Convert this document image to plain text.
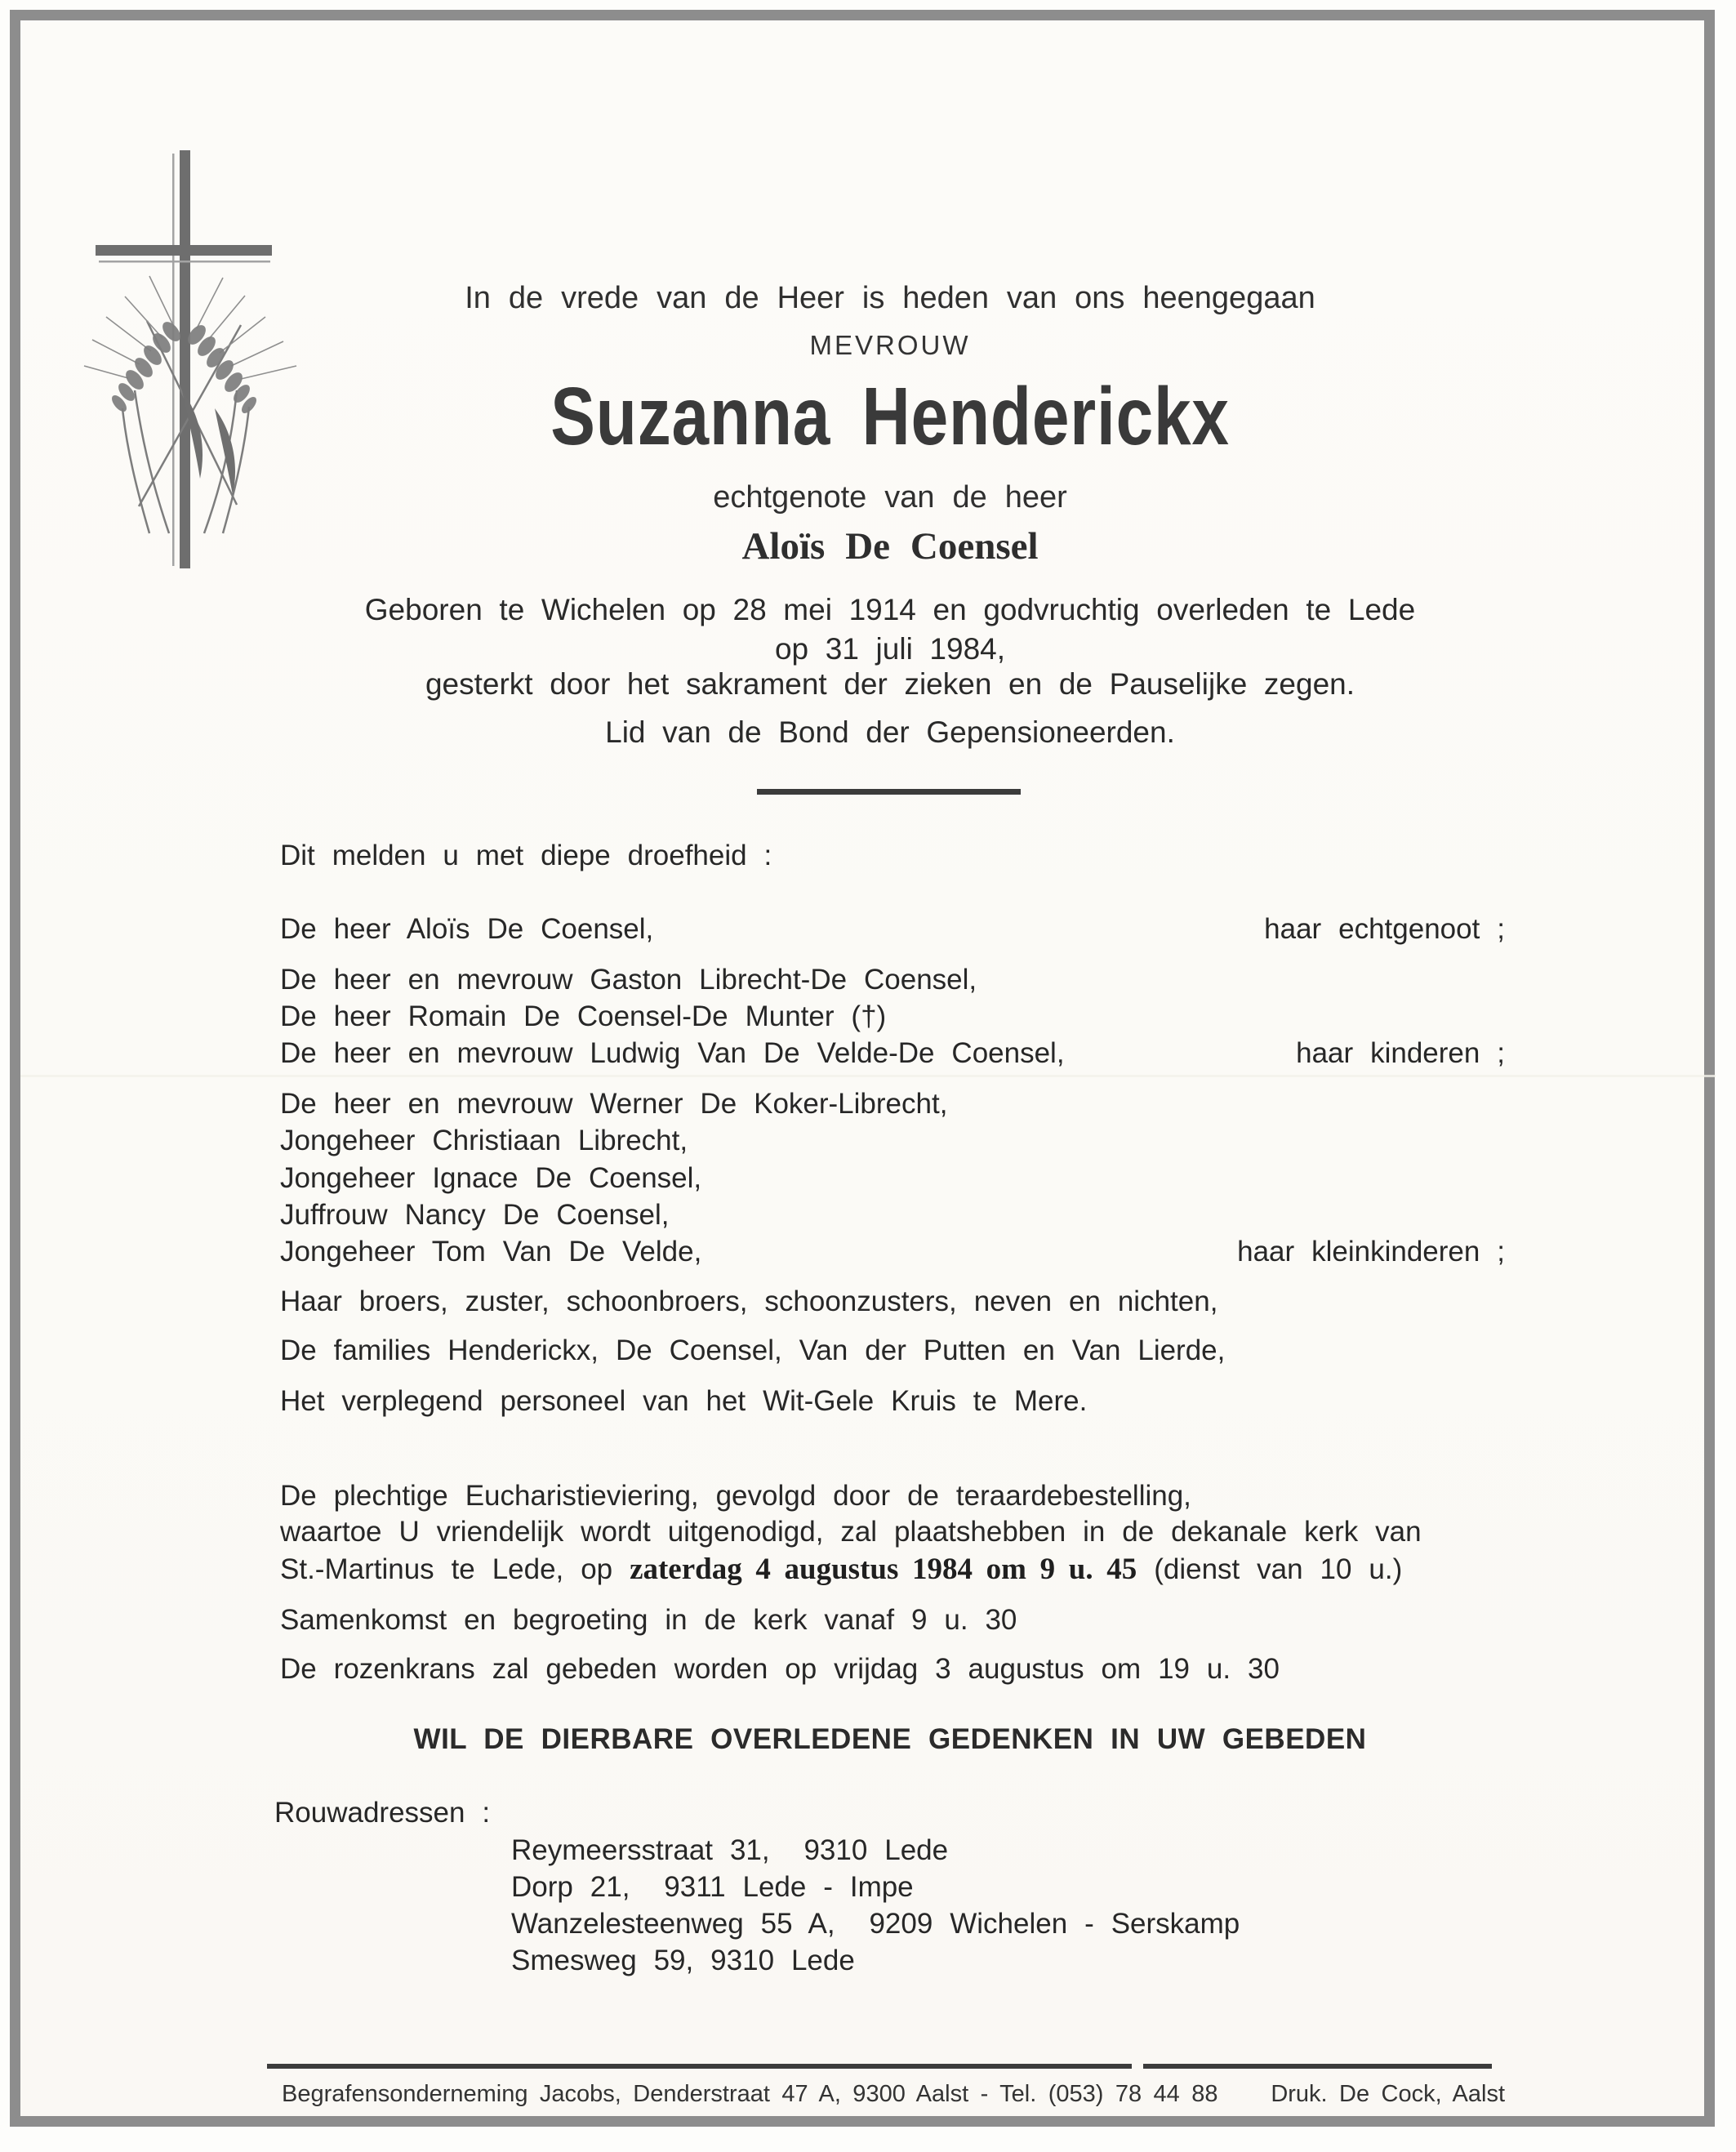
In de vrede van de Heer is heden van ons heengegaan
MEVROUW
Suzanna Henderickx
echtgenote van de heer
Aloïs De Coensel
Geboren te Wichelen op 28 mei 1914 en godvruchtig overleden te Lede
op 31 juli 1984,
gesterkt door het sakrament der zieken en de Pauselijke zegen.
Lid van de Bond der Gepensioneerden.
Dit melden u met diepe droefheid :
De heer Aloïs De Coensel,	haar echtgenoot ;
De heer en mevrouw Gaston Librecht-De Coensel,
De heer Romain De Coensel-De Munter (†)
De heer en mevrouw Ludwig Van De Velde-De Coensel,	haar kinderen ;
De heer en mevrouw Werner De Koker-Librecht,
Jongeheer Christiaan Librecht,
Jongeheer Ignace De Coensel,
Juffrouw Nancy De Coensel,
Jongeheer Tom Van De Velde,	haar kleinkinderen ;
Haar broers, zuster, schoonbroers, schoonzusters, neven en nichten,
De families Henderickx, De Coensel, Van der Putten en Van Lierde,
Het verplegend personeel van het Wit-Gele Kruis te Mere.
De plechtige Eucharistieviering, gevolgd door de teraardebestelling,
waartoe U vriendelijk wordt uitgenodigd, zal plaatshebben in de dekanale kerk van
St.-Martinus te Lede, op zaterdag 4 augustus 1984 om 9 u. 45 (dienst van 10 u.)
Samenkomst en begroeting in de kerk vanaf 9 u. 30
De rozenkrans zal gebeden worden op vrijdag 3 augustus om 19 u. 30
WIL DE DIERBARE OVERLEDENE GEDENKEN IN UW GEBEDEN
Rouwadressen :
Reymeersstraat 31,  9310 Lede
Dorp 21,  9311 Lede - Impe
Wanzelesteenweg 55 A,  9209 Wichelen - Serskamp
Smesweg 59, 9310 Lede
Begrafensonderneming Jacobs, Denderstraat 47 A, 9300 Aalst - Tel. (053) 78 44 88 Druk. De Cock, Aalst
